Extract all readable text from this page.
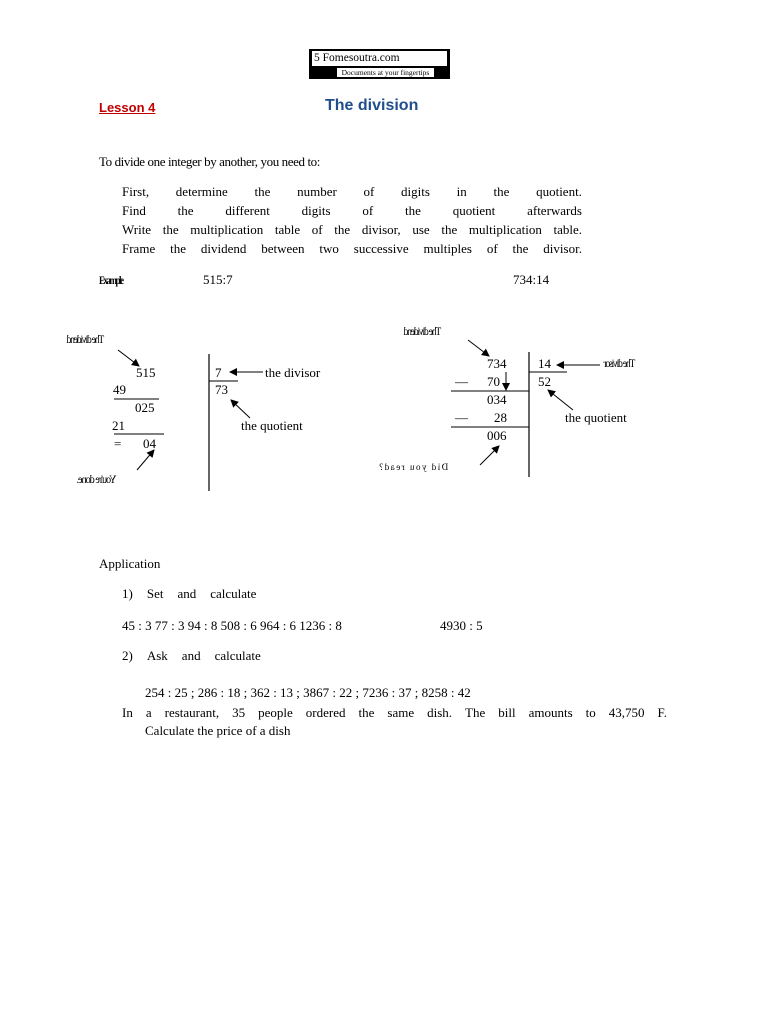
5 Fomesoutra.com
Documents at your fingertips
Lesson 4	The division
To divide one integer by another, you need to:
First, determine the number of digits in the quotient.
Find the different digits of the quotient afterwards
Write the multiplication table of the divisor, use the multiplication table.
Frame the dividend between two successive multiples of the divisor.
Example	515:7	734:14
The dividend
515
49
025
21
= 04
7
73
the divisor
the quotient
You're done.
The dividend
734
— 70
034
— 28
006
14
52
The divisor
the quotient
Did you read?
Application
1) Set and calculate
45 : 3 77 : 3 94 : 8 508 : 6 964 : 6 1236 : 8	4930 : 5
2) Ask and calculate
254 : 25 ; 286 : 18 ; 362 : 13 ; 3867 : 22 ; 7236 : 37 ; 8258 : 42
In a restaurant, 35 people ordered the same dish. The bill amounts to 43,750 F.
Calculate the price of a dish
